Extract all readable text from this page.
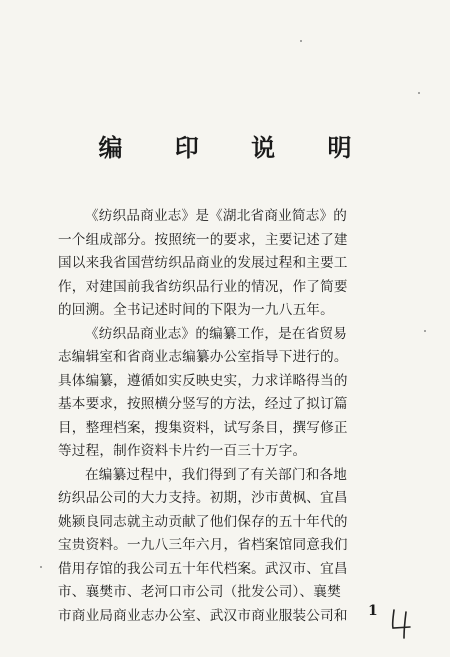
编 印 说 明
《纺织品商业志》是《湖北省商业简志》的
一个组成部分。按照统一的要求，主要记述了建
国以来我省国营纺织品商业的发展过程和主要工
作，对建国前我省纺织品行业的情况，作了简要
的回溯。全书记述时间的下限为一九八五年。
《纺织品商业志》的编纂工作，是在省贸易
志编辑室和省商业志编纂办公室指导下进行的。
具体编纂，遵循如实反映史实，力求详略得当的
基本要求，按照横分竖写的方法，经过了拟订篇
目，整理档案，搜集资料，试写条目，撰写修正
等过程，制作资料卡片约一百三十万字。
在编纂过程中，我们得到了有关部门和各地
纺织品公司的大力支持。初期，沙市黄枫、宜昌
姚颍良同志就主动贡献了他们保存的五十年代的
宝贵资料。一九八三年六月，省档案馆同意我们
借用存馆的我公司五十年代档案。武汉市、宜昌
市、襄樊市、老河口市公司（批发公司）、襄樊
市商业局商业志办公室、武汉市商业服装公司和	1
